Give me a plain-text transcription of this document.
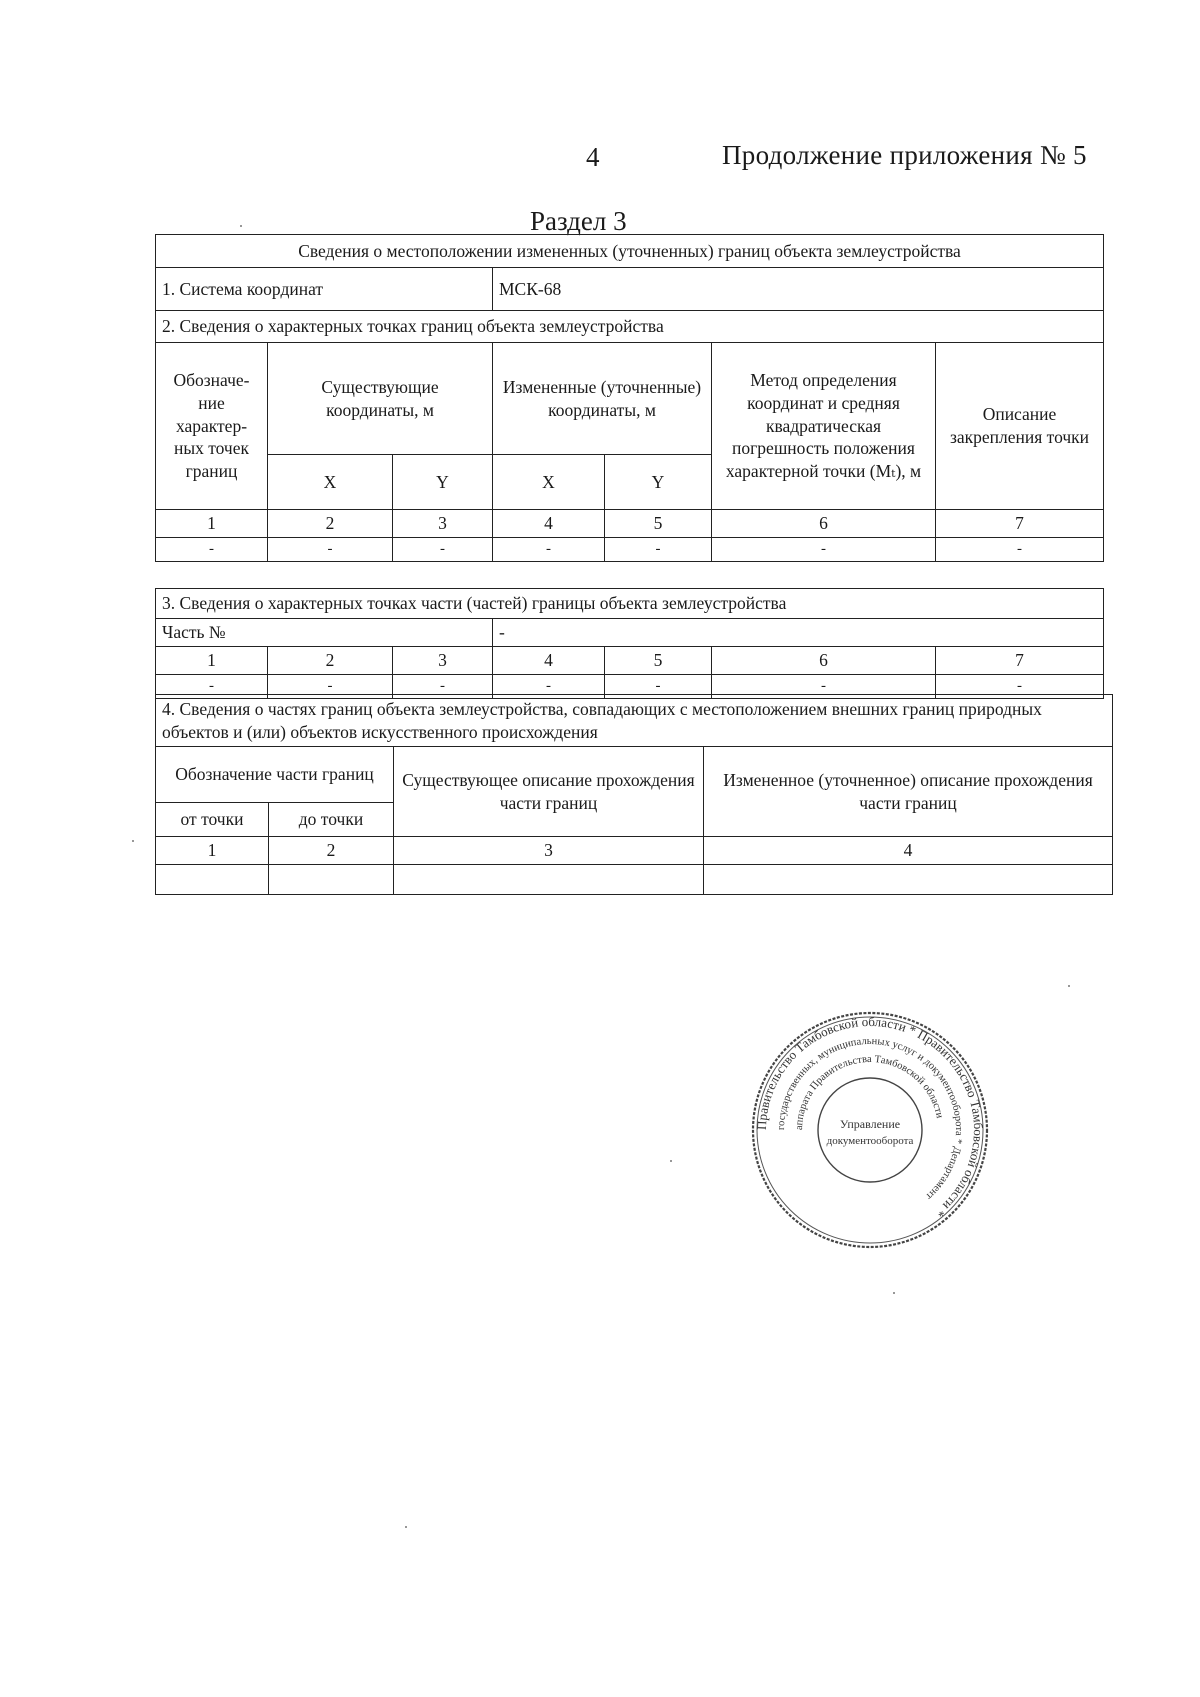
4	Продолжение приложения № 5
Раздел 3
Сведения о местоположении измененных (уточненных) границ объекта землеустройства						
1. Система координат			МСК-68			
2. Сведения о характерных точках границ объекта землеустройства						
Обозначе-ние характер-ных точек границ	Существующие координаты, м		Измененные (уточненные) координаты, м		Метод определения координат и средняя квадратическая погрешность положения характерной точки (Мₜ), м	Описание закрепления точки
	X	Y	X	Y		
1	2	3	4	5	6	7
-	-	-	-	-	-	-
3. Сведения о характерных точках части (частей) границы объекта землеустройства						
Часть №			-			
1	2	3	4	5	6	7
-	-	-	-	-	-	-
4. Сведения о частях границ объекта землеустройства, совпадающих с местоположением внешних границ природных объектов и (или) объектов искусственного происхождения			
Обозначение части границ		Существующее описание прохождения части границ	Измененное (уточненное) описание прохождения части границ
от точки	до точки		
1	2	3	4

Правительство Тамбовской области * Правительство Тамбовской области *
государственных, муниципальных услуг и документооборота * Департамент
аппарата Правительства Тамбовской области
Управление
документооборота
